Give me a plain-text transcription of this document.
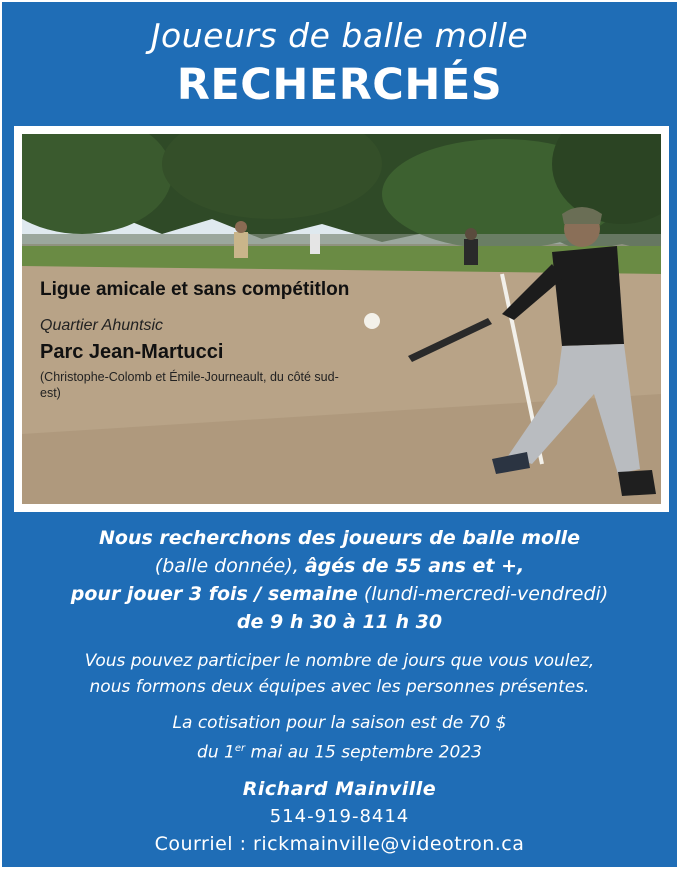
Joueurs de balle molle
RECHERCHÉS
Ligue amicale et sans compétitlon
Quartier Ahuntsic
Parc Jean-Martucci
(Christophe-Colomb et Émile-Journeault, du côté sud-est)
Nous recherchons des joueurs de balle molle
(balle donnée), âgés de 55 ans et +,
pour jouer 3 fois / semaine (lundi-mercredi-vendredi)
de 9 h 30 à 11 h 30
Vous pouvez participer le nombre de jours que vous voulez,
nous formons deux équipes avec les personnes présentes.
La cotisation pour la saison est de 70 $
du 1er mai au 15 septembre 2023
Richard Mainville
514-919-8414
Courriel : rickmainville@videotron.ca
